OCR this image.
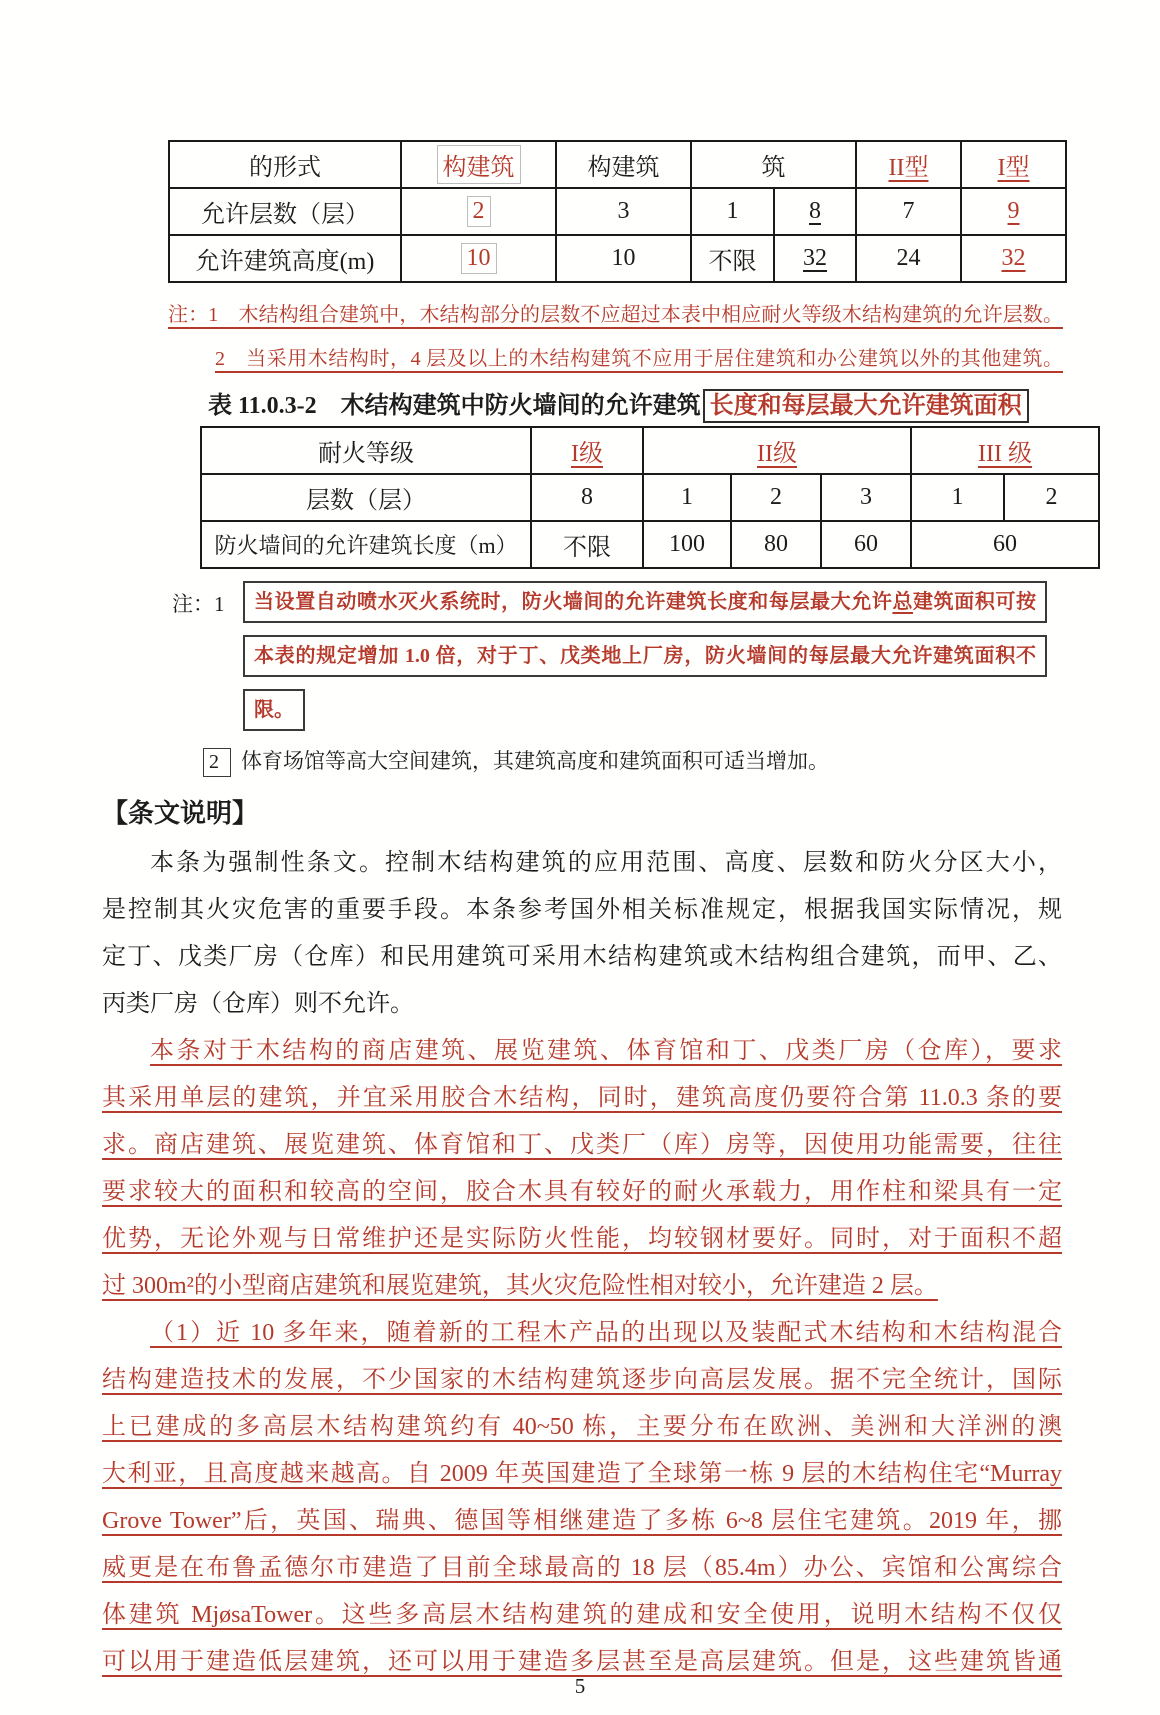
的形式	构建筑	构建筑	筑		II型	I型
允许层数（层）	2	3	1	8	7	9
允许建筑高度(m)	10	10	不限	32	24	32
注：1　木结构组合建筑中，木结构部分的层数不应超过本表中相应耐火等级木结构建筑的允许层数。
2　当采用木结构时，4 层及以上的木结构建筑不应用于居住建筑和办公建筑以外的其他建筑。
表 11.0.3-2　木结构建筑中防火墙间的允许建筑 长度和每层最大允许建筑面积
耐火等级	I级	II级			III 级	
层数（层）	8	1	2	3	1	2
防火墙间的允许建筑长度（m）	不限	100	80	60	60	
注：1	当设置自动喷水灭火系统时，防火墙间的允许建筑长度和每层最大允许总建筑面积可按
本表的规定增加 1.0 倍，对于丁、戊类地上厂房，防火墙间的每层最大允许建筑面积不
限。
2 体育场馆等高大空间建筑，其建筑高度和建筑面积可适当增加。
【条文说明】
本条为强制性条文。控制木结构建筑的应用范围、高度、层数和防火分区大小，
是控制其火灾危害的重要手段。本条参考国外相关标准规定，根据我国实际情况，规
定丁、戊类厂房（仓库）和民用建筑可采用木结构建筑或木结构组合建筑，而甲、乙、
丙类厂房（仓库）则不允许。
本条对于木结构的商店建筑、展览建筑、体育馆和丁、戊类厂房（仓库），要求
其采用单层的建筑，并宜采用胶合木结构，同时，建筑高度仍要符合第 11.0.3 条的要
求。商店建筑、展览建筑、体育馆和丁、戊类厂（库）房等，因使用功能需要，往往
要求较大的面积和较高的空间，胶合木具有较好的耐火承载力，用作柱和梁具有一定
优势，无论外观与日常维护还是实际防火性能，均较钢材要好。同时，对于面积不超
过 300m²的小型商店建筑和展览建筑，其火灾危险性相对较小，允许建造 2 层。
（1）近 10 多年来，随着新的工程木产品的出现以及装配式木结构和木结构混合
结构建造技术的发展，不少国家的木结构建筑逐步向高层发展。据不完全统计，国际
上已建成的多高层木结构建筑约有 40~50 栋，主要分布在欧洲、美洲和大洋洲的澳
大利亚，且高度越来越高。自 2009 年英国建造了全球第一栋 9 层的木结构住宅“Murray
Grove Tower”后，英国、瑞典、德国等相继建造了多栋 6~8 层住宅建筑。2019 年，挪
威更是在布鲁孟德尔市建造了目前全球最高的 18 层（85.4m）办公、宾馆和公寓综合
体建筑 MjøsaTower。这些多高层木结构建筑的建成和安全使用，说明木结构不仅仅
可以用于建造低层建筑，还可以用于建造多层甚至是高层建筑。但是，这些建筑皆通
5
